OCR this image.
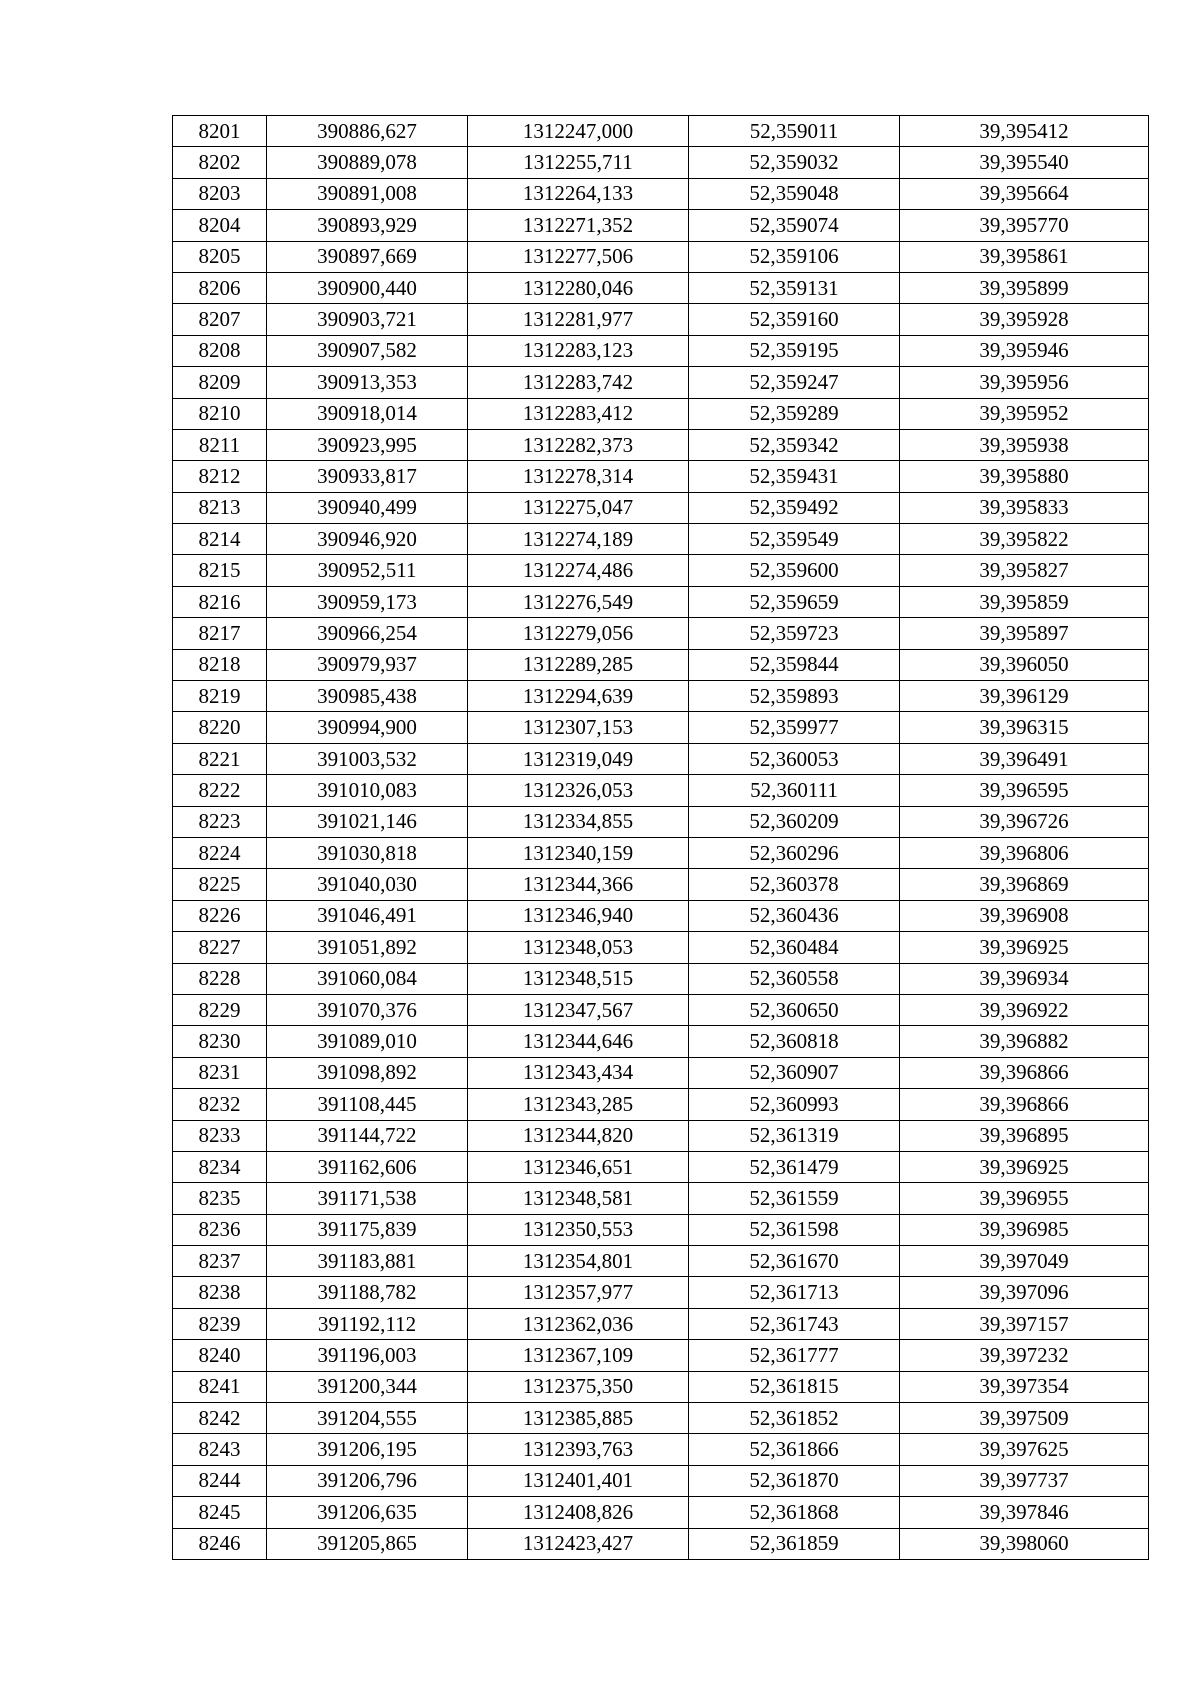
8201	390886,627	1312247,000	52,359011	39,395412
8202	390889,078	1312255,711	52,359032	39,395540
8203	390891,008	1312264,133	52,359048	39,395664
8204	390893,929	1312271,352	52,359074	39,395770
8205	390897,669	1312277,506	52,359106	39,395861
8206	390900,440	1312280,046	52,359131	39,395899
8207	390903,721	1312281,977	52,359160	39,395928
8208	390907,582	1312283,123	52,359195	39,395946
8209	390913,353	1312283,742	52,359247	39,395956
8210	390918,014	1312283,412	52,359289	39,395952
8211	390923,995	1312282,373	52,359342	39,395938
8212	390933,817	1312278,314	52,359431	39,395880
8213	390940,499	1312275,047	52,359492	39,395833
8214	390946,920	1312274,189	52,359549	39,395822
8215	390952,511	1312274,486	52,359600	39,395827
8216	390959,173	1312276,549	52,359659	39,395859
8217	390966,254	1312279,056	52,359723	39,395897
8218	390979,937	1312289,285	52,359844	39,396050
8219	390985,438	1312294,639	52,359893	39,396129
8220	390994,900	1312307,153	52,359977	39,396315
8221	391003,532	1312319,049	52,360053	39,396491
8222	391010,083	1312326,053	52,360111	39,396595
8223	391021,146	1312334,855	52,360209	39,396726
8224	391030,818	1312340,159	52,360296	39,396806
8225	391040,030	1312344,366	52,360378	39,396869
8226	391046,491	1312346,940	52,360436	39,396908
8227	391051,892	1312348,053	52,360484	39,396925
8228	391060,084	1312348,515	52,360558	39,396934
8229	391070,376	1312347,567	52,360650	39,396922
8230	391089,010	1312344,646	52,360818	39,396882
8231	391098,892	1312343,434	52,360907	39,396866
8232	391108,445	1312343,285	52,360993	39,396866
8233	391144,722	1312344,820	52,361319	39,396895
8234	391162,606	1312346,651	52,361479	39,396925
8235	391171,538	1312348,581	52,361559	39,396955
8236	391175,839	1312350,553	52,361598	39,396985
8237	391183,881	1312354,801	52,361670	39,397049
8238	391188,782	1312357,977	52,361713	39,397096
8239	391192,112	1312362,036	52,361743	39,397157
8240	391196,003	1312367,109	52,361777	39,397232
8241	391200,344	1312375,350	52,361815	39,397354
8242	391204,555	1312385,885	52,361852	39,397509
8243	391206,195	1312393,763	52,361866	39,397625
8244	391206,796	1312401,401	52,361870	39,397737
8245	391206,635	1312408,826	52,361868	39,397846
8246	391205,865	1312423,427	52,361859	39,398060
